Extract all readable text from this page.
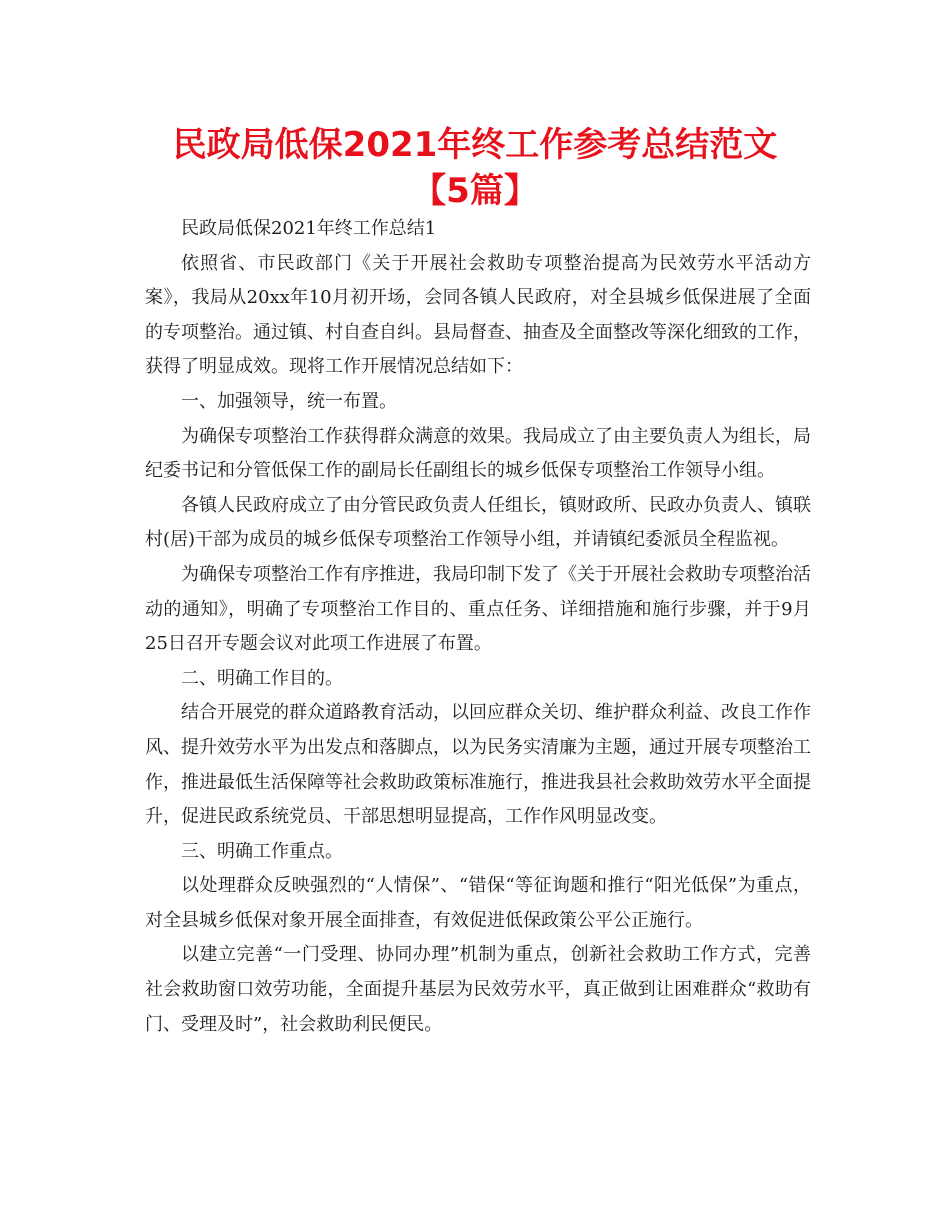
民政局低保2021年终工作参考总结范文【5篇】

民政局低保2021年终工作总结1

依照省、市民政部门《关于开展社会救助专项整治提高为民效劳水平活动方案》，我局从20xx年10月初开场，会同各镇人民政府，对全县城乡低保进展了全面的专项整治。通过镇、村自查自纠。县局督查、抽查及全面整改等深化细致的工作，获得了明显成效。现将工作开展情况总结如下：

一、加强领导，统一布置。

为确保专项整治工作获得群众满意的效果。我局成立了由主要负责人为组长，局纪委书记和分管低保工作的副局长任副组长的城乡低保专项整治工作领导小组。

各镇人民政府成立了由分管民政负责人任组长，镇财政所、民政办负责人、镇联村(居)干部为成员的城乡低保专项整治工作领导小组，并请镇纪委派员全程监视。

为确保专项整治工作有序推进，我局印制下发了《关于开展社会救助专项整治活动的通知》，明确了专项整治工作目的、重点任务、详细措施和施行步骤，并于9月25日召开专题会议对此项工作进展了布置。

二、明确工作目的。

结合开展党的群众道路教育活动，以回应群众关切、维护群众利益、改良工作作风、提升效劳水平为出发点和落脚点，以为民务实清廉为主题，通过开展专项整治工作，推进最低生活保障等社会救助政策标准施行，推进我县社会救助效劳水平全面提升，促进民政系统党员、干部思想明显提高，工作作风明显改变。

三、明确工作重点。

以处理群众反映强烈的“人情保”、“错保“等征询题和推行“阳光低保”为重点，对全县城乡低保对象开展全面排查，有效促进低保政策公平公正施行。

以建立完善“一门受理、协同办理”机制为重点，创新社会救助工作方式，完善社会救助窗口效劳功能，全面提升基层为民效劳水平，真正做到让困难群众“救助有门、受理及时”，社会救助利民便民。
